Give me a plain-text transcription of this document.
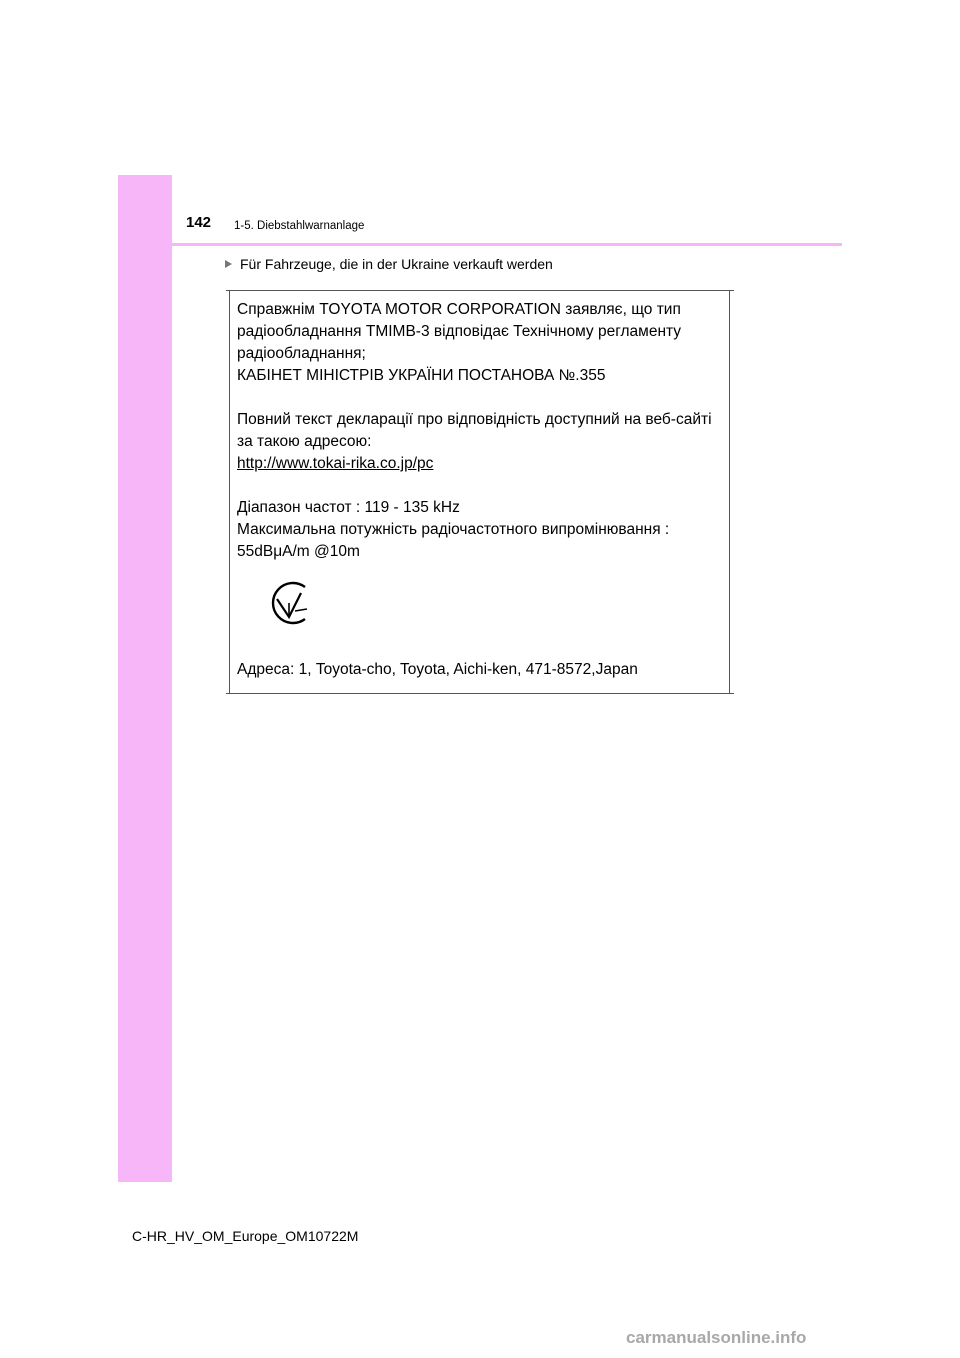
142 1-5. Diebstahlwarnanlage
Für Fahrzeuge, die in der Ukraine verkauft werden
Справжнім TOYOTA MOTOR CORPORATION заявляє, що тип
радіообладнання TMIMB-3 відповідає Технічному регламенту
радіообладнання;
КАБІНЕТ МІНІСТРІВ УКРАЇНИ ПОСТАНОВА №.355
Повний текст декларації про відповідність доступний на веб-сайті
за такою адресою:
http://www.tokai-rika.co.jp/pc
Діапазон частот : 119 - 135 kHz
Максимальна потужність радіочастотного випромінювання :
55dBμA/m @10m
Адреса: 1, Toyota-cho, Toyota, Aichi-ken, 471-8572,Japan
C-HR_HV_OM_Europe_OM10722M
carmanualsonline.info
